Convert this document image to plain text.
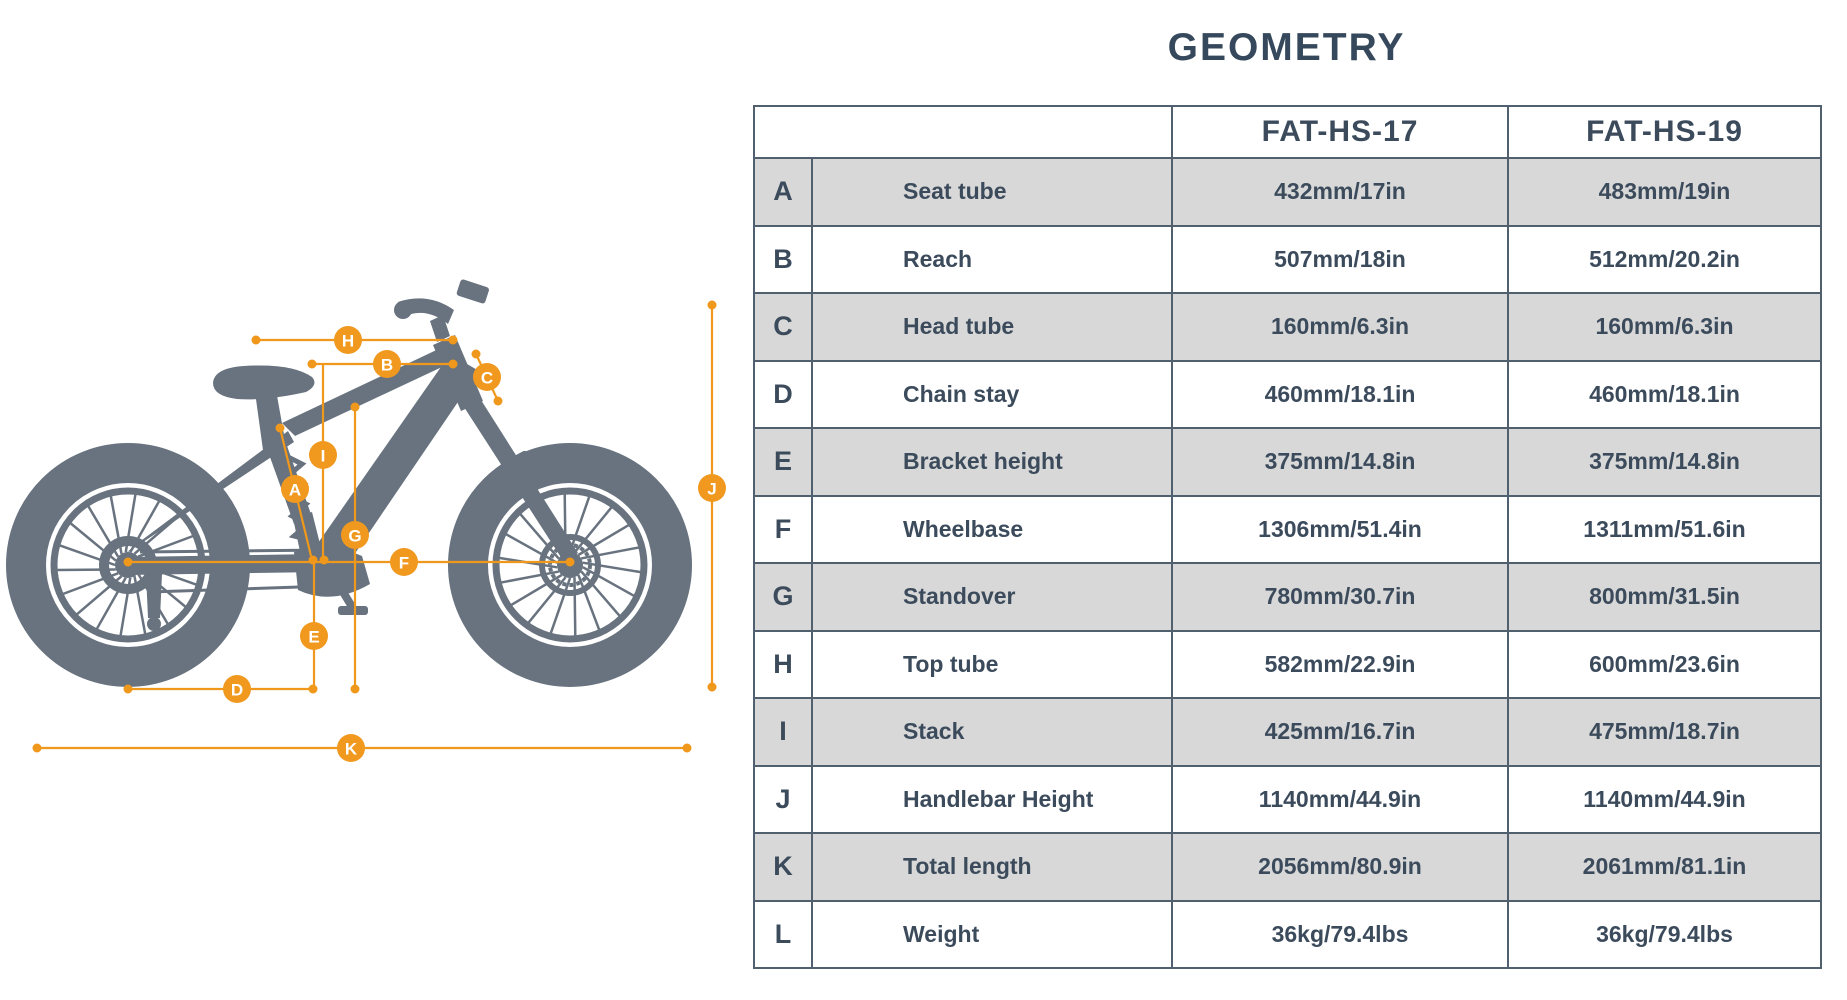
A
B
C
D
E
F
G
H
I
J
K
GEOMETRY
		FAT-HS-17	FAT-HS-19
A	Seat tube	432mm/17in	483mm/19in
B	Reach	507mm/18in	512mm/20.2in
C	Head tube	160mm/6.3in	160mm/6.3in
D	Chain stay	460mm/18.1in	460mm/18.1in
E	Bracket height	375mm/14.8in	375mm/14.8in
F	Wheelbase	1306mm/51.4in	1311mm/51.6in
G	Standover	780mm/30.7in	800mm/31.5in
H	Top tube	582mm/22.9in	600mm/23.6in
I	Stack	425mm/16.7in	475mm/18.7in
J	Handlebar Height	1140mm/44.9in	1140mm/44.9in
K	Total length	2056mm/80.9in	2061mm/81.1in
L	Weight	36kg/79.4lbs	36kg/79.4lbs
